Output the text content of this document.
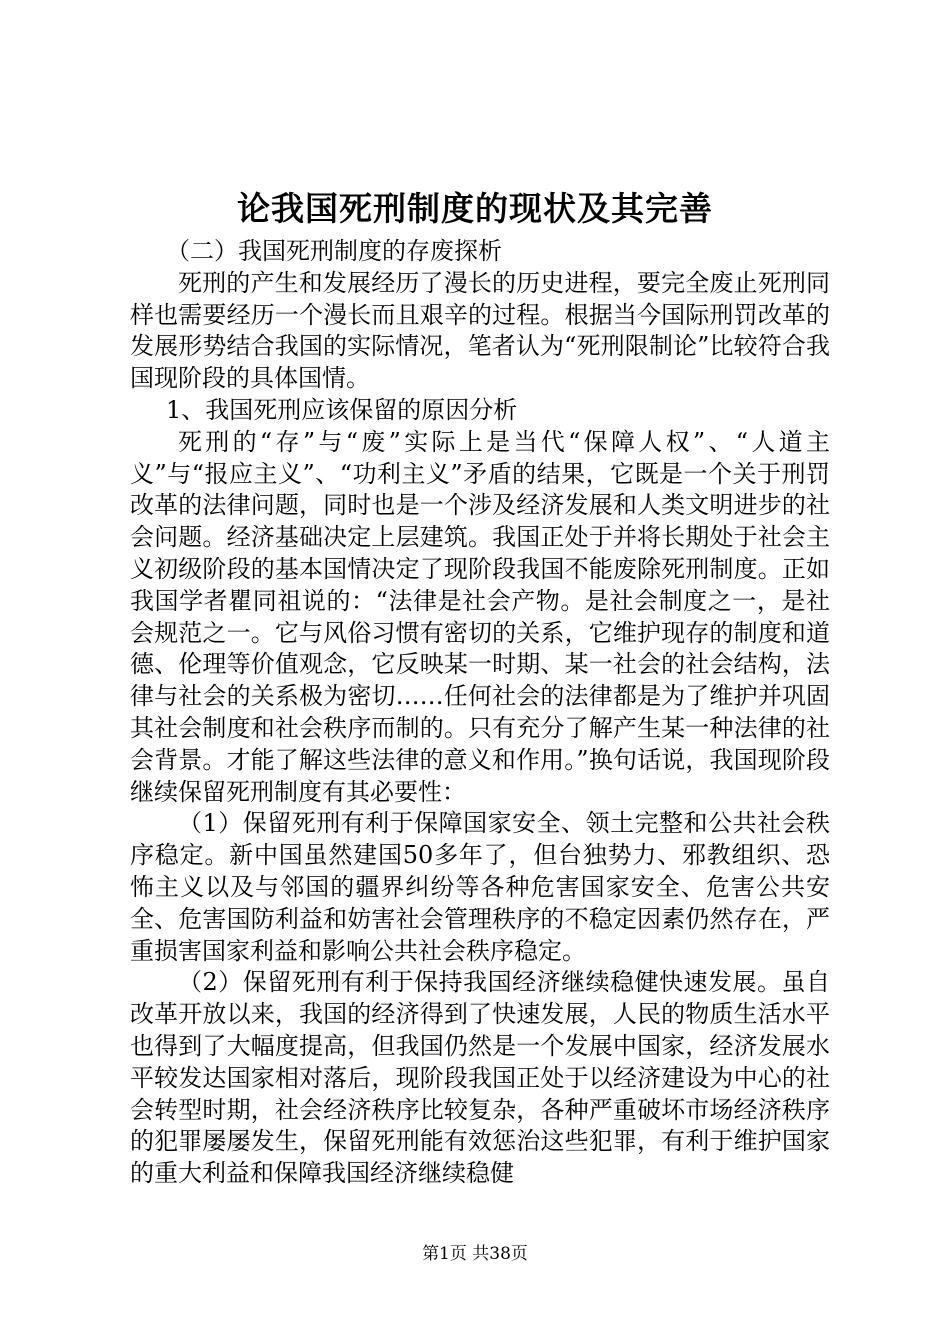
论我国死刑制度的现状及其完善

（二）我国死刑制度的存废探析

死刑的产生和发展经历了漫长的历史进程，要完全废止死刑同样也需要经历一个漫长而且艰辛的过程。根据当今国际刑罚改革的发展形势结合我国的实际情况，笔者认为“死刑限制论”比较符合我国现阶段的具体国情。

1、我国死刑应该保留的原因分析

死刑的“存”与“废”实际上是当代“保障人权”、“人道主义”与“报应主义”、“功利主义”矛盾的结果，它既是一个关于刑罚改革的法律问题，同时也是一个涉及经济发展和人类文明进步的社会问题。经济基础决定上层建筑。我国正处于并将长期处于社会主义初级阶段的基本国情决定了现阶段我国不能废除死刑制度。正如我国学者瞿同祖说的：“法律是社会产物。是社会制度之一，是社会规范之一。它与风俗习惯有密切的关系，它维护现存的制度和道德、伦理等价值观念，它反映某一时期、某一社会的社会结构，法律与社会的关系极为密切……任何社会的法律都是为了维护并巩固其社会制度和社会秩序而制的。只有充分了解产生某一种法律的社会背景。才能了解这些法律的意义和作用。”换句话说，我国现阶段继续保留死刑制度有其必要性：

（1）保留死刑有利于保障国家安全、领土完整和公共社会秩序稳定。新中国虽然建国50多年了，但台独势力、邪教组织、恐怖主义以及与邻国的疆界纠纷等各种危害国家安全、危害公共安全、危害国防利益和妨害社会管理秩序的不稳定因素仍然存在，严重损害国家利益和影响公共社会秩序稳定。

（2）保留死刑有利于保持我国经济继续稳健快速发展。虽自改革开放以来，我国的经济得到了快速发展，人民的物质生活水平也得到了大幅度提高，但我国仍然是一个发展中国家，经济发展水平较发达国家相对落后，现阶段我国正处于以经济建设为中心的社会转型时期，社会经济秩序比较复杂，各种严重破坏市场经济秩序的犯罪屡屡发生，保留死刑能有效惩治这些犯罪，有利于维护国家的重大利益和保障我国经济继续稳健

第1页 共38页
